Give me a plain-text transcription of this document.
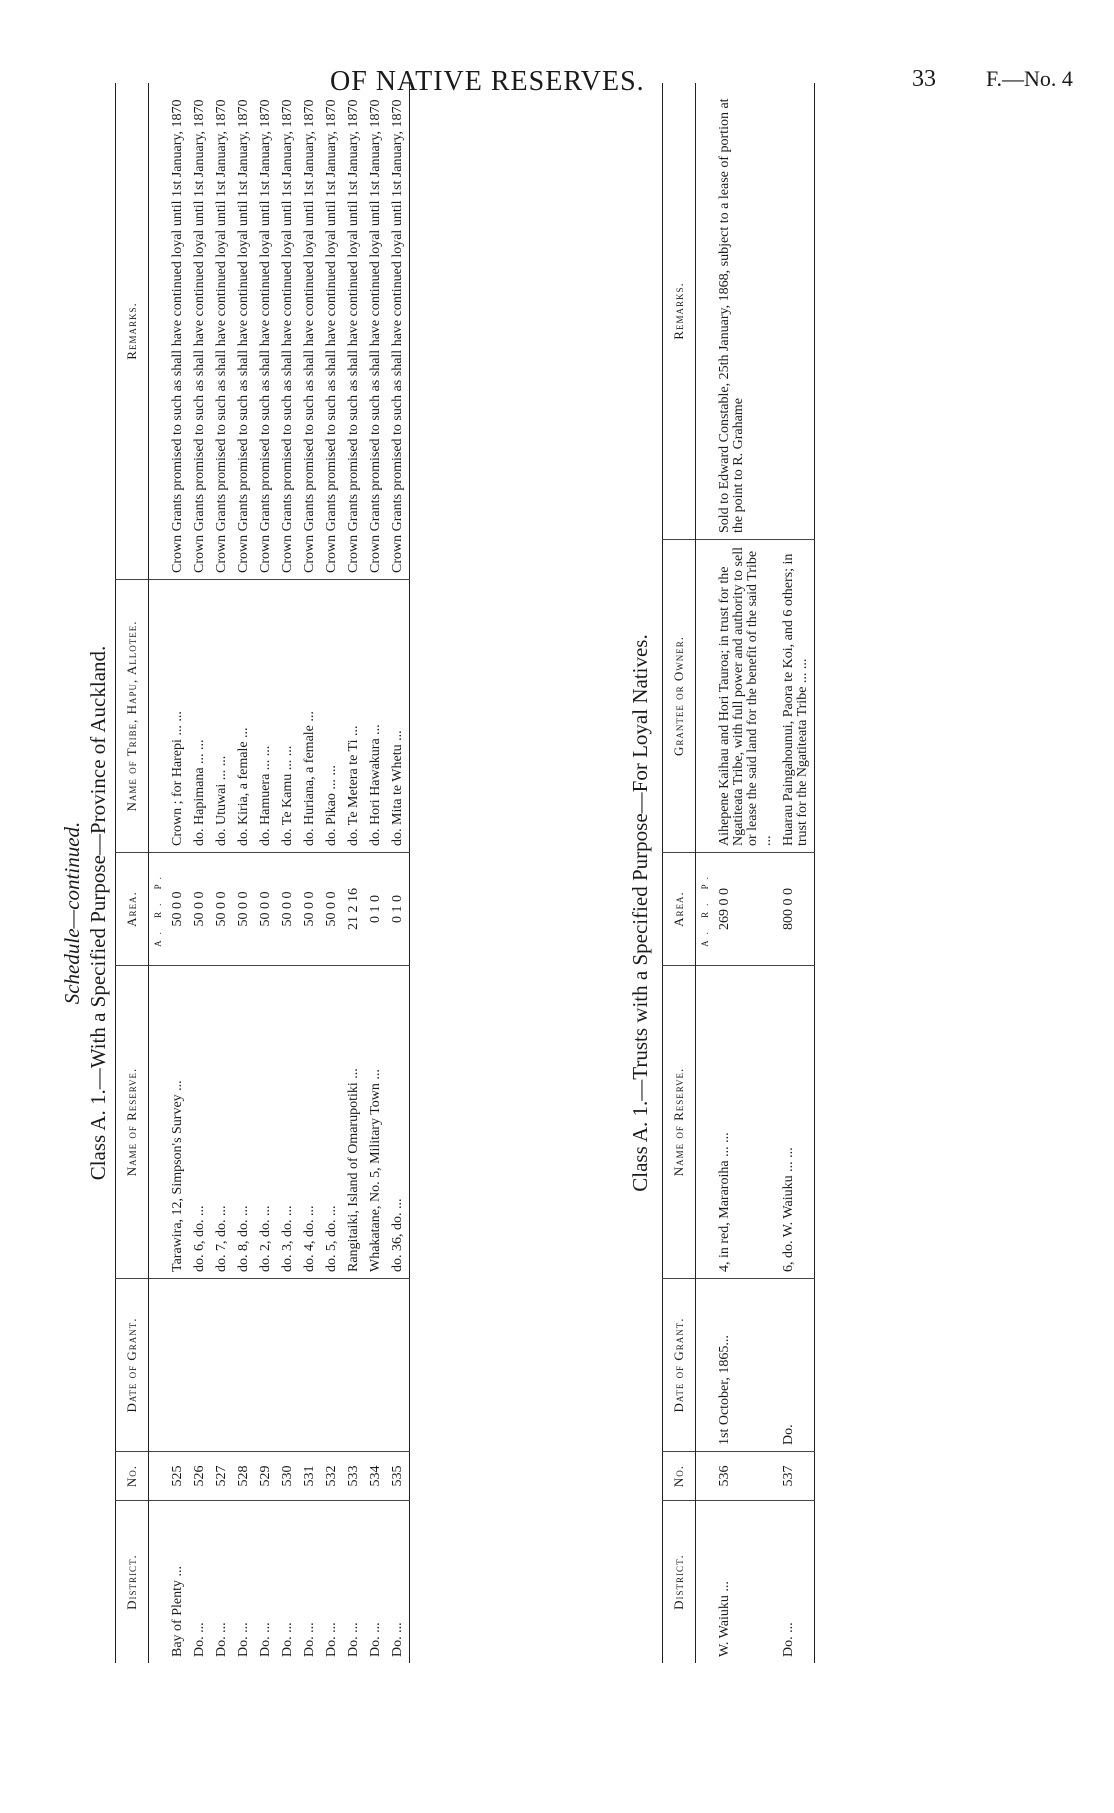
OF NATIVE RESERVES.	33 F.—No. 4
Schedule—continued. Class A. 1.—With a Specified Purpose—Province of Auckland.
District.	No.	Date of Grant.	Name of Reserve.	Area.	Name of Tribe, Hapu, Allotee.	Remarks.
				A. R. P.		
Bay of Plenty ...	525		Tarawira, 12, Simpson's Survey ...	50 0 0	Crown ; for Harepi ... ...	Crown Grants promised to such as shall have continued loyal until 1st January, 1870
Do. ...	526		do. 6, do. ...	50 0 0	do. Hapimana ... ...	Crown Grants promised to such as shall have continued loyal until 1st January, 1870
Do. ...	527		do. 7, do. ...	50 0 0	do. Utuwai ... ...	Crown Grants promised to such as shall have continued loyal until 1st January, 1870
Do. ...	528		do. 8, do. ...	50 0 0	do. Kiria, a female ...	Crown Grants promised to such as shall have continued loyal until 1st January, 1870
Do. ...	529		do. 2, do. ...	50 0 0	do. Hamuera ... ...	Crown Grants promised to such as shall have continued loyal until 1st January, 1870
Do. ...	530		do. 3, do. ...	50 0 0	do. Te Kamu ... ...	Crown Grants promised to such as shall have continued loyal until 1st January, 1870
Do. ...	531		do. 4, do. ...	50 0 0	do. Huriana, a female ...	Crown Grants promised to such as shall have continued loyal until 1st January, 1870
Do. ...	532		do. 5, do. ...	50 0 0	do. Pikao ... ...	Crown Grants promised to such as shall have continued loyal until 1st January, 1870
Do. ...	533		Rangitaiki, Island of Omarupotiki ...	21 2 16	do. Te Metera te Ti ...	Crown Grants promised to such as shall have continued loyal until 1st January, 1870
Do. ...	534		Whakatane, No. 5, Military Town ...	0 1 0	do. Hori Hawakura ...	Crown Grants promised to such as shall have continued loyal until 1st January, 1870
Do. ...	535		do. 36, do. ...	0 1 0	do. Mita te Whetu ...	Crown Grants promised to such as shall have continued loyal until 1st January, 1870
Class A. 1.—Trusts with a Specified Purpose—For Loyal Natives.
District.	No.	Date of Grant.	Name of Reserve.	Area.	Grantee or Owner.	Remarks.
				A. R. P.		
W. Waiuku ...	536	1st October, 1865...	4, in red, Mararoiha ... ...	269 0 0	Aihepene Kaihau and Hori Tauroa; in trust for the Ngatiteata Tribe, with full power and authority to sell or lease the said land for the benefit of the said Tribe ...	Sold to Edward Constable, 25th January, 1868, subject to a lease of portion at the point to R. Grahame
Do. ...	537	Do.	6, do. W. Waiuku ... ...	800 0 0	Huarau Paingahounui, Paora te Koi, and 6 others; in trust for the Ngatiteata Tribe ... ...	
